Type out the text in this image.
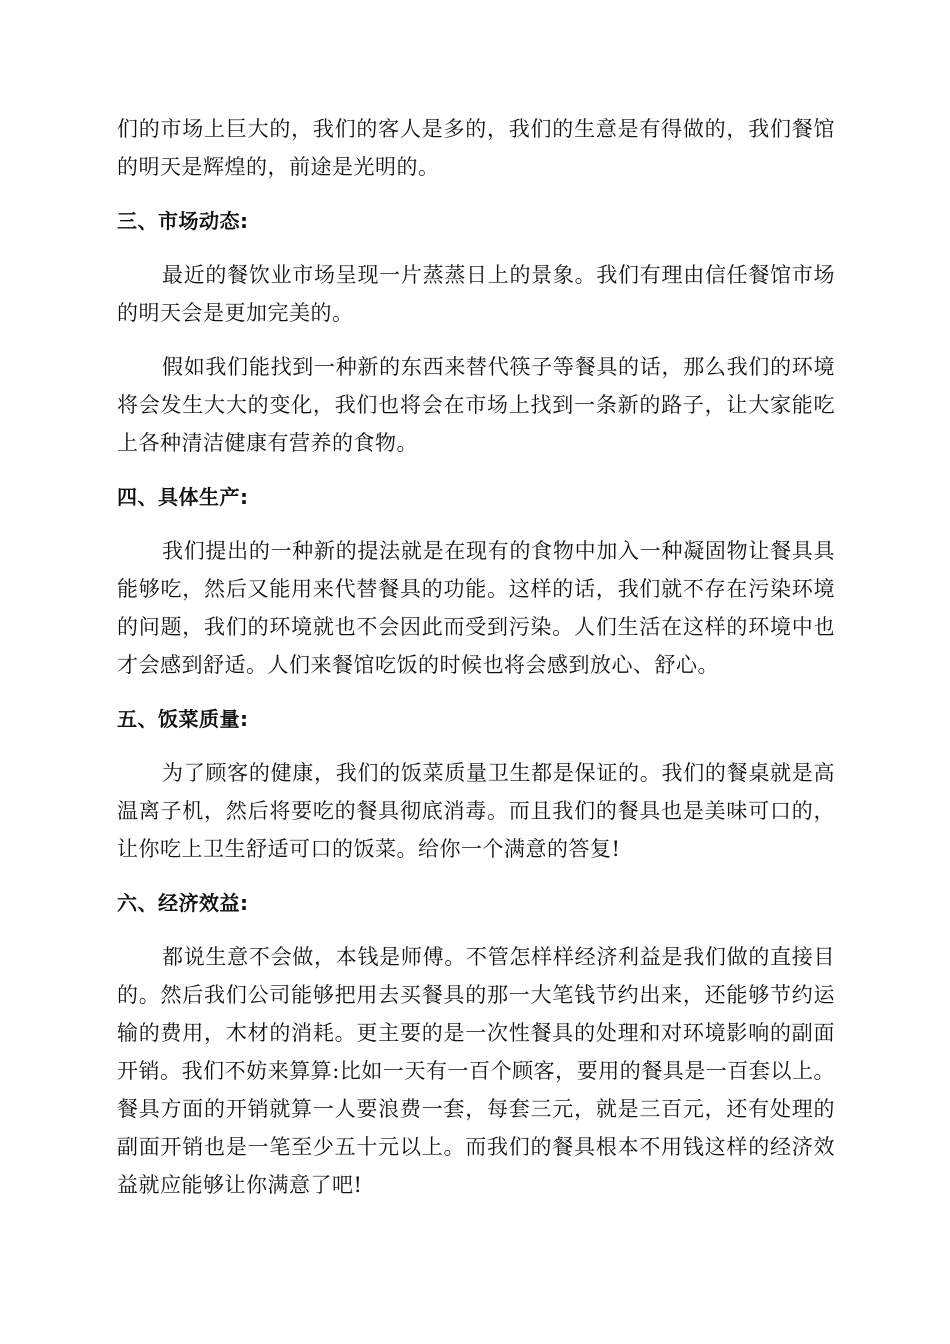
们的市场上巨大的，我们的客人是多的，我们的生意是有得做的，我们餐馆的明天是辉煌的，前途是光明的。

三、市场动态:

最近的餐饮业市场呈现一片蒸蒸日上的景象。我们有理由信任餐馆市场的明天会是更加完美的。

假如我们能找到一种新的东西来替代筷子等餐具的话，那么我们的环境将会发生大大的变化，我们也将会在市场上找到一条新的路子，让大家能吃上各种清洁健康有营养的食物。

四、具体生产:

我们提出的一种新的提法就是在现有的食物中加入一种凝固物让餐具具能够吃，然后又能用来代替餐具的功能。这样的话，我们就不存在污染环境的问题，我们的环境就也不会因此而受到污染。人们生活在这样的环境中也才会感到舒适。人们来餐馆吃饭的时候也将会感到放心、舒心。

五、饭菜质量:

为了顾客的健康，我们的饭菜质量卫生都是保证的。我们的餐桌就是高温离子机，然后将要吃的餐具彻底消毒。而且我们的餐具也是美味可口的，让你吃上卫生舒适可口的饭菜。给你一个满意的答复!

六、经济效益:

都说生意不会做，本钱是师傅。不管怎样样经济利益是我们做的直接目的。然后我们公司能够把用去买餐具的那一大笔钱节约出来，还能够节约运输的费用，木材的消耗。更主要的是一次性餐具的处理和对环境影响的副面开销。我们不妨来算算:比如一天有一百个顾客，要用的餐具是一百套以上。餐具方面的开销就算一人要浪费一套，每套三元，就是三百元，还有处理的副面开销也是一笔至少五十元以上。而我们的餐具根本不用钱这样的经济效益就应能够让你满意了吧!
